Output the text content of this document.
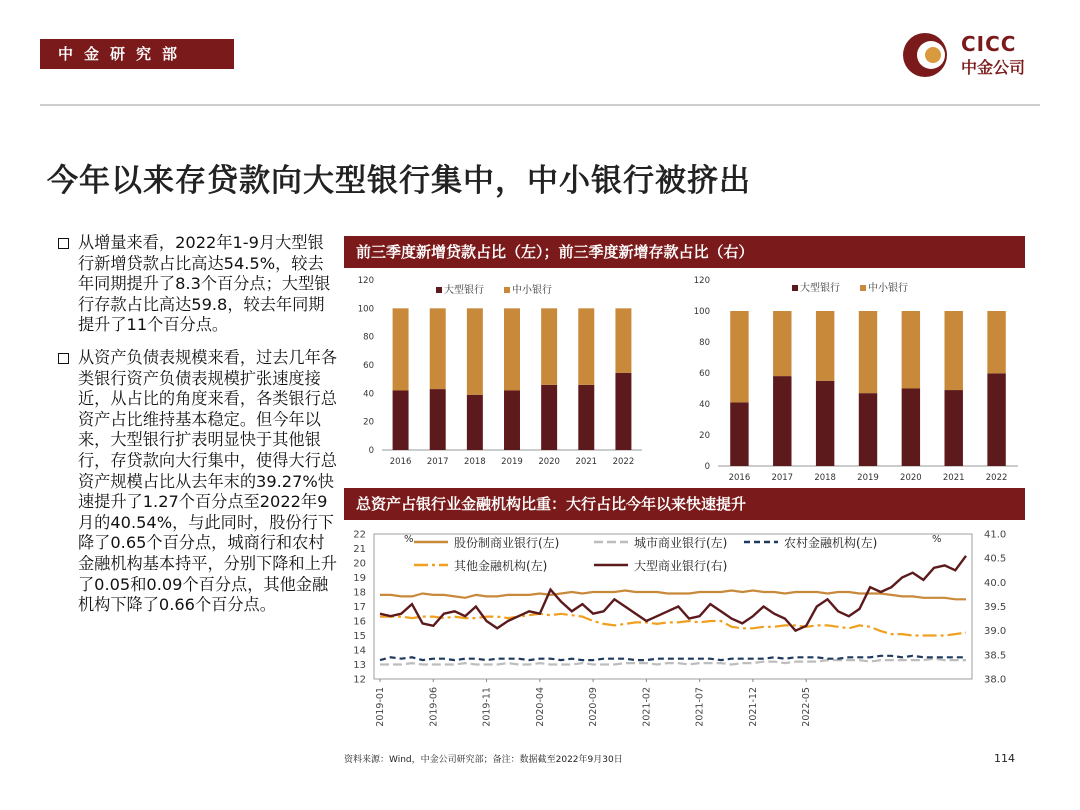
中金研究部	CICC
中金公司
今年以来存贷款向大型银行集中，中小银行被挤出
从增量来看，2022年1-9月大型银行新增贷款占比高达54.5%，较去年同期提升了8.3个百分点；大型银行存款占比高达59.8，较去年同期提升了11个百分点。
从资产负债表规模来看，过去几年各类银行资产负债表规模扩张速度接近，从占比的角度来看，各类银行总资产占比维持基本稳定。但今年以来，大型银行扩表明显快于其他银行，存贷款向大行集中，使得大行总资产规模占比从去年末的39.27%快速提升了1.27个百分点至2022年9月的40.54%，与此同时，股份行下降了0.65个百分点，城商行和农村金融机构基本持平，分别下降和上升了0.05和0.09个百分点，其他金融机构下降了0.66个百分点。
前三季度新增贷款占比（左）；前三季度新增存款占比（右）
总资产占银行业金融机构比重：大行占比今年以来快速提升
0
20
40
60
80
100
120
2016 2017 2018 2019 2020 2021 2022
大型银行	中小银行
0
20
40
60
80
100
120
2016 2017 2018 2019 2020 2021 2022
大型银行	中小银行
12
13
14
15
16
17
18
19
20
21
22
38.0
38.5
39.0
39.5
40.0
40.5
41.0
%	%
2019-01	2019-06	2019-11	2020-04	2020-09	2021-02	2021-07	2021-12	2022-05
股份制商业银行(左)	城市商业银行(左)	农村金融机构(左)
其他金融机构(左)	大型商业银行(右)
资料来源：Wind，中金公司研究部；备注：数据截至2022年9月30日	114
